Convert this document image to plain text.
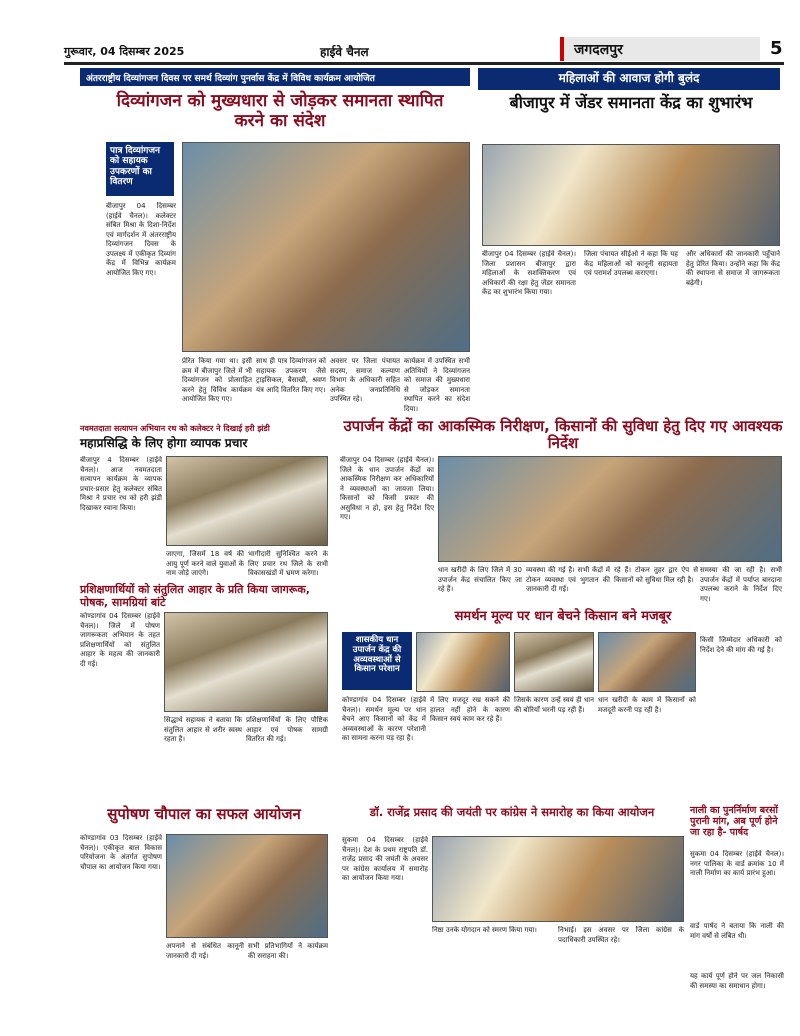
गुरूवार, 04 दिसम्बर 2025	हाईवे चैनल	जगदलपुर	5
अंतरराष्ट्रीय दिव्यांगजन दिवस पर समर्थ दिव्यांग पुनर्वास केंद्र में विविध कार्यक्रम आयोजित
दिव्यांगजन को मुख्यधारा से जोड़कर समानता स्थापित करने का संदेश
पात्र दिव्यांगजन को सहायक उपकरणों का वितरण
बीजापुर 04 दिसम्बर (हाईवे चैनल)। कलेक्टर संबित मिश्रा के दिशा-निर्देश एवं मार्गदर्शन में अंतरराष्ट्रीय दिव्यांगजन दिवस के उपलक्ष्य में एकीकृत दिव्यांग केंद्र में विभिन्न कार्यक्रम आयोजित किए गए।
प्रेरित किया गया था। इसी क्रम में बीजापुर जिले में भी दिव्यांगजन को प्रोत्साहित करने हेतु विविध कार्यक्रम आयोजित किए गए।
साथ ही पात्र दिव्यांगजन को सहायक उपकरण जैसे ट्राइसिकल, बैसाखी, श्रवण यंत्र आदि वितरित किए गए।
अवसर पर जिला पंचायत सदस्य, समाज कल्याण विभाग के अधिकारी सहित अनेक जनप्रतिनिधि उपस्थित रहे।
कार्यक्रम में उपस्थित सभी अतिथियों ने दिव्यांगजन को समाज की मुख्यधारा से जोड़कर समानता स्थापित करने का संदेश दिया।
महिलाओं की आवाज होगी बुलंद
बीजापुर में जेंडर समानता केंद्र का शुभारंभ
बीजापुर 04 दिसम्बर (हाईवे चैनल)। जिला प्रशासन बीजापुर द्वारा महिलाओं के सशक्तिकरण एवं अधिकारों की रक्षा हेतु जेंडर समानता केंद्र का शुभारंभ किया गया।
जिला पंचायत सीईओ ने कहा कि यह केंद्र महिलाओं को कानूनी सहायता एवं परामर्श उपलब्ध कराएगा।
और अधिकारों की जानकारी पहुँचाने हेतु प्रेरित किया। उन्होंने कहा कि केंद्र की स्थापना से समाज में जागरूकता बढ़ेगी।
नवमतदाता सत्यापन अभियान रथ को कलेक्टर ने दिखाई हरी झंडी
महाप्रसिद्धि के लिए होगा व्यापक प्रचार
बीजापुर 4 दिसम्बर (हाईवे चैनल)। आज नवमतदाता सत्यापन कार्यक्रम के व्यापक प्रचार-प्रसार हेतु कलेक्टर संबित मिश्रा ने प्रचार रथ को हरी झंडी दिखाकर रवाना किया।
जाएगा, जिसमें 18 वर्ष की आयु पूर्ण करने वाले युवाओं के नाम जोड़े जाएंगे।
भागीदारी सुनिश्चित करने के लिए प्रचार रथ जिले के सभी विकासखंडों में भ्रमण करेगा।
उपार्जन केंद्रों का आकस्मिक निरीक्षण, किसानों की सुविधा हेतु दिए गए आवश्यक निर्देश
बीजापुर 04 दिसम्बर (हाईवे चैनल)। जिले के धान उपार्जन केंद्रों का आकस्मिक निरीक्षण कर अधिकारियों ने व्यवस्थाओं का जायजा लिया। किसानों को किसी प्रकार की असुविधा न हो, इस हेतु निर्देश दिए गए।
धान खरीदी के लिए जिले में 30 उपार्जन केंद्र संचालित किए जा रहे हैं।
व्यवस्था की गई है। सभी केंद्रों में टोकन व्यवस्था एवं भुगतान की जानकारी दी गई।
रहे हैं। टोकन तुहर द्वार ऐप से किसानों को सुविधा मिल रही है।
समस्या की जा रही है। सभी उपार्जन केंद्रों में पर्याप्त बारदाना उपलब्ध कराने के निर्देश दिए गए।
प्रशिक्षणार्थियों को संतुलित आहार के प्रति किया जागरूक, पोषक, सामग्रियां बांटे
कोण्डागांव 04 दिसम्बर (हाईवे चैनल)। जिले में पोषण जागरूकता अभियान के तहत प्रशिक्षणार्थियों को संतुलित आहार के महत्व की जानकारी दी गई।
सिद्धार्थ सहायक ने बताया कि संतुलित आहार से शरीर स्वस्थ रहता है।
प्रशिक्षणार्थियों के लिए पौष्टिक आहार एवं पोषक सामग्री वितरित की गई।
समर्थन मूल्य पर धान बेचने किसान बने मजबूर
शासकीय धान उपार्जन केंद्र की अव्यवस्थाओं से किसान परेशान
कोण्डागांव 04 दिसम्बर (हाईवे चैनल)। समर्थन मूल्य पर धान बेचने आए किसानों को केंद्र में अव्यवस्थाओं के कारण परेशानी का सामना करना पड़ रहा है।
में लिए मजदूर रख सकने की हालत नहीं होने के कारण किसान स्वयं काम कर रहे हैं।
जिसके कारण उन्हें स्वयं ही धान की बोरियाँ भरनी पड़ रही हैं।
धान खरीदी के काम में किसानों को मजदूरी करनी पड़ रही है।
किसी जिम्मेदार अधिकारी को निर्देश देने की मांग की गई है।
सुपोषण चौपाल का सफल आयोजन
कोण्डागांव 03 दिसम्बर (हाईवे चैनल)। एकीकृत बाल विकास परियोजना के अंतर्गत सुपोषण चौपाल का आयोजन किया गया।
अपनाने से संबंधित कानूनी जानकारी दी गई।
सभी प्रतिभागियों ने कार्यक्रम की सराहना की।
डॉ. राजेंद्र प्रसाद की जयंती पर कांग्रेस ने समारोह का किया आयोजन
सुकमा 04 दिसम्बर (हाईवे चैनल)। देश के प्रथम राष्ट्रपति डॉ. राजेंद्र प्रसाद की जयंती के अवसर पर कांग्रेस कार्यालय में समारोह का आयोजन किया गया।
निष्ठा उनके योगदान को स्मरण किया गया।	निभाई। इस अवसर पर जिला कांग्रेस के पदाधिकारी उपस्थित रहे।
नाली का पुनर्निर्माण बरसों पुरानी मांग, अब पूर्ण होने जा रहा है- पार्षद
सुकमा 04 दिसम्बर (हाईवे चैनल)। नगर पालिका के वार्ड क्रमांक 10 में नाली निर्माण का कार्य प्रारंभ हुआ।
वार्ड पार्षद ने बताया कि नाली की मांग वर्षों से लंबित थी।
यह कार्य पूर्ण होने पर जल निकासी की समस्या का समाधान होगा।
